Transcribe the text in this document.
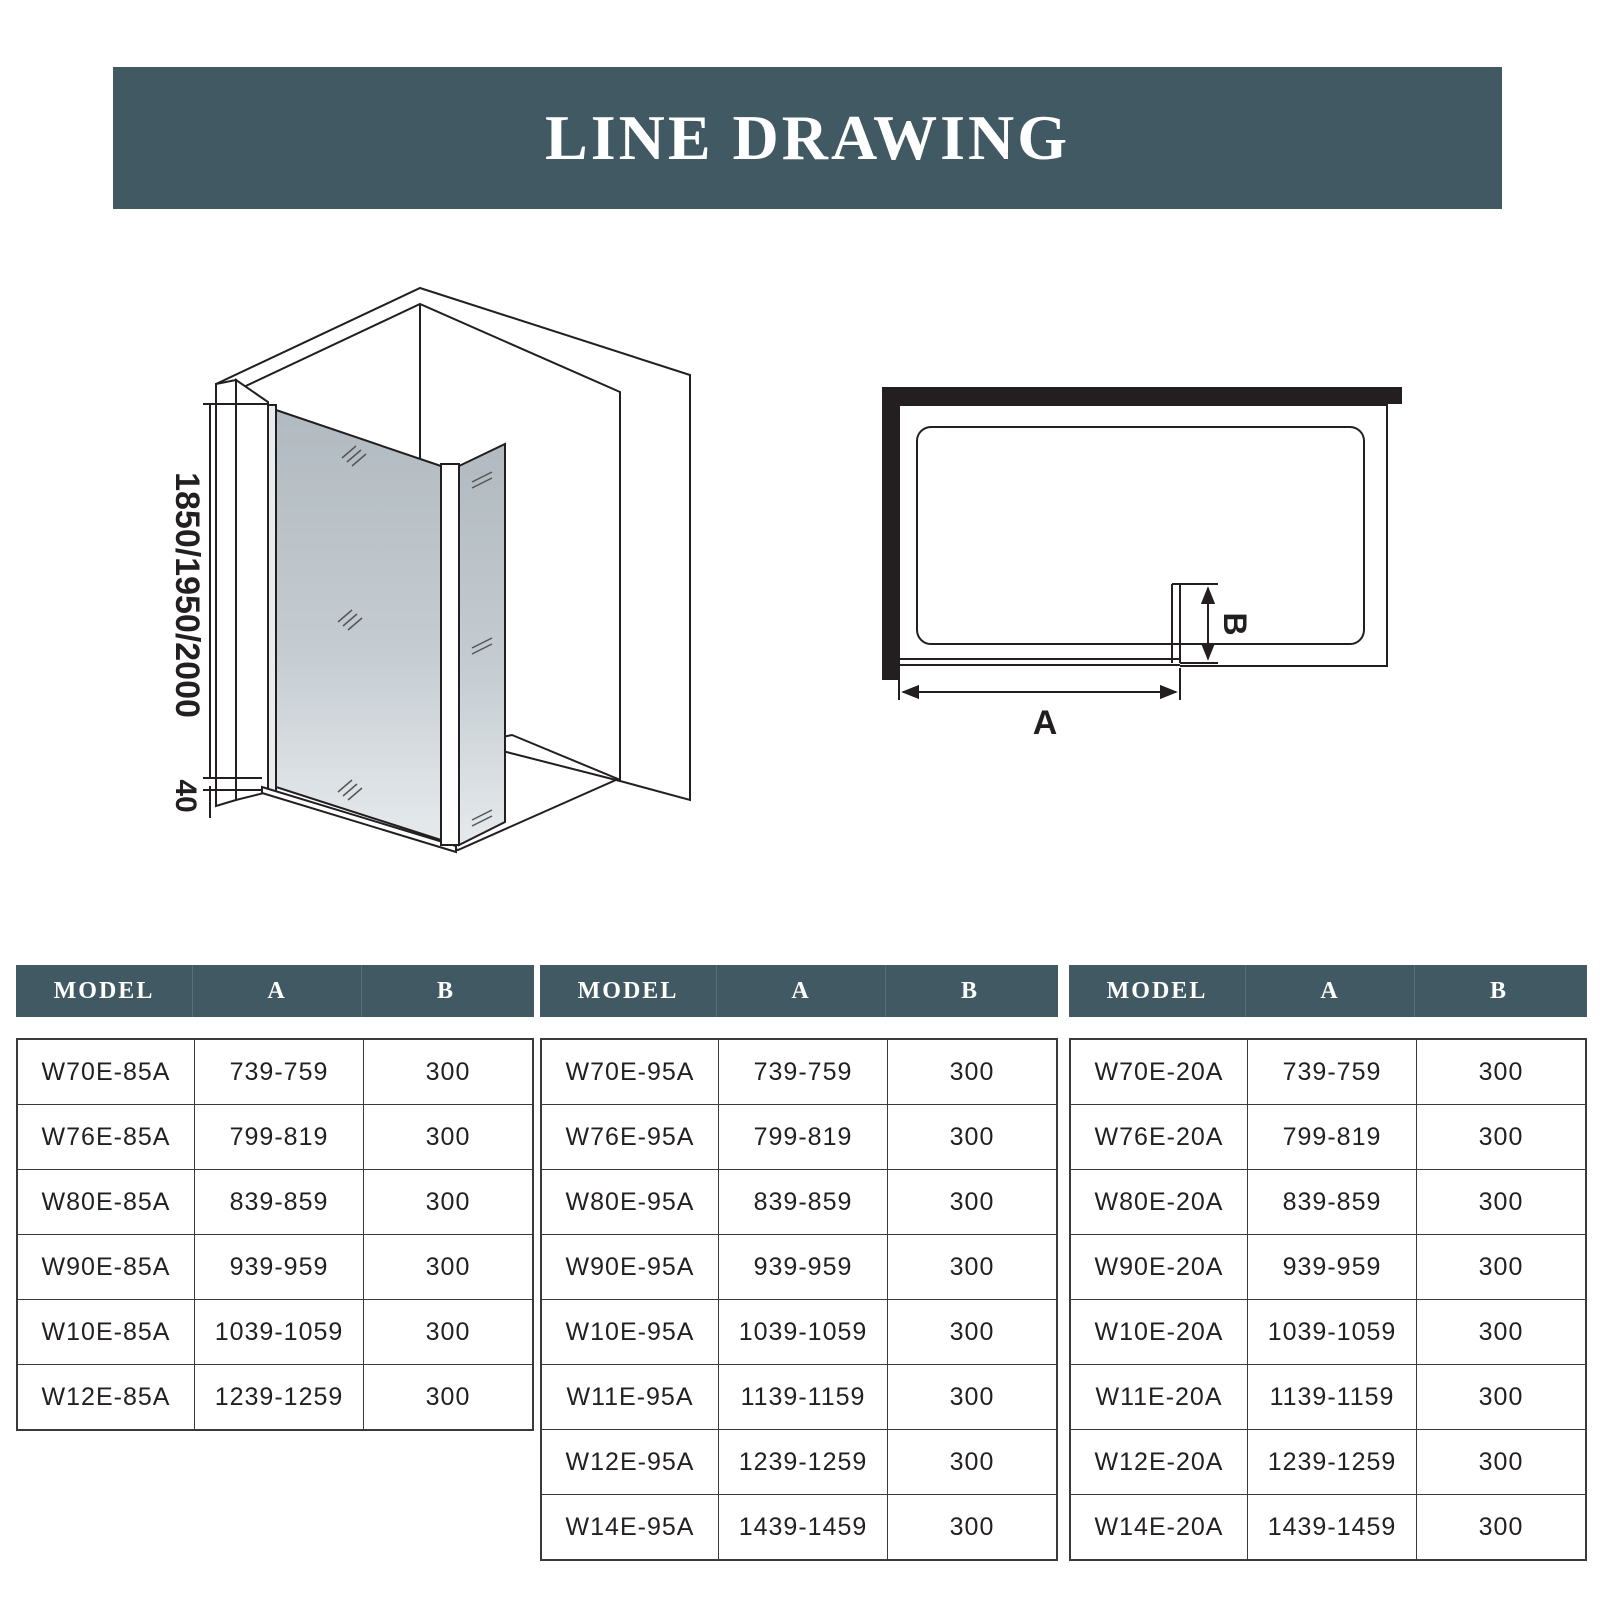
LINE DRAWING
1850/1950/2000
40
A
B
MODEL	A	B
W70E-85A	739-759	300
W76E-85A	799-819	300
W80E-85A	839-859	300
W90E-85A	939-959	300
W10E-85A	1039-1059	300
W12E-85A	1239-1259	300
MODEL	A	B
W70E-95A	739-759	300
W76E-95A	799-819	300
W80E-95A	839-859	300
W90E-95A	939-959	300
W10E-95A	1039-1059	300
W11E-95A	1139-1159	300
W12E-95A	1239-1259	300
W14E-95A	1439-1459	300
MODEL	A	B
W70E-20A	739-759	300
W76E-20A	799-819	300
W80E-20A	839-859	300
W90E-20A	939-959	300
W10E-20A	1039-1059	300
W11E-20A	1139-1159	300
W12E-20A	1239-1259	300
W14E-20A	1439-1459	300
